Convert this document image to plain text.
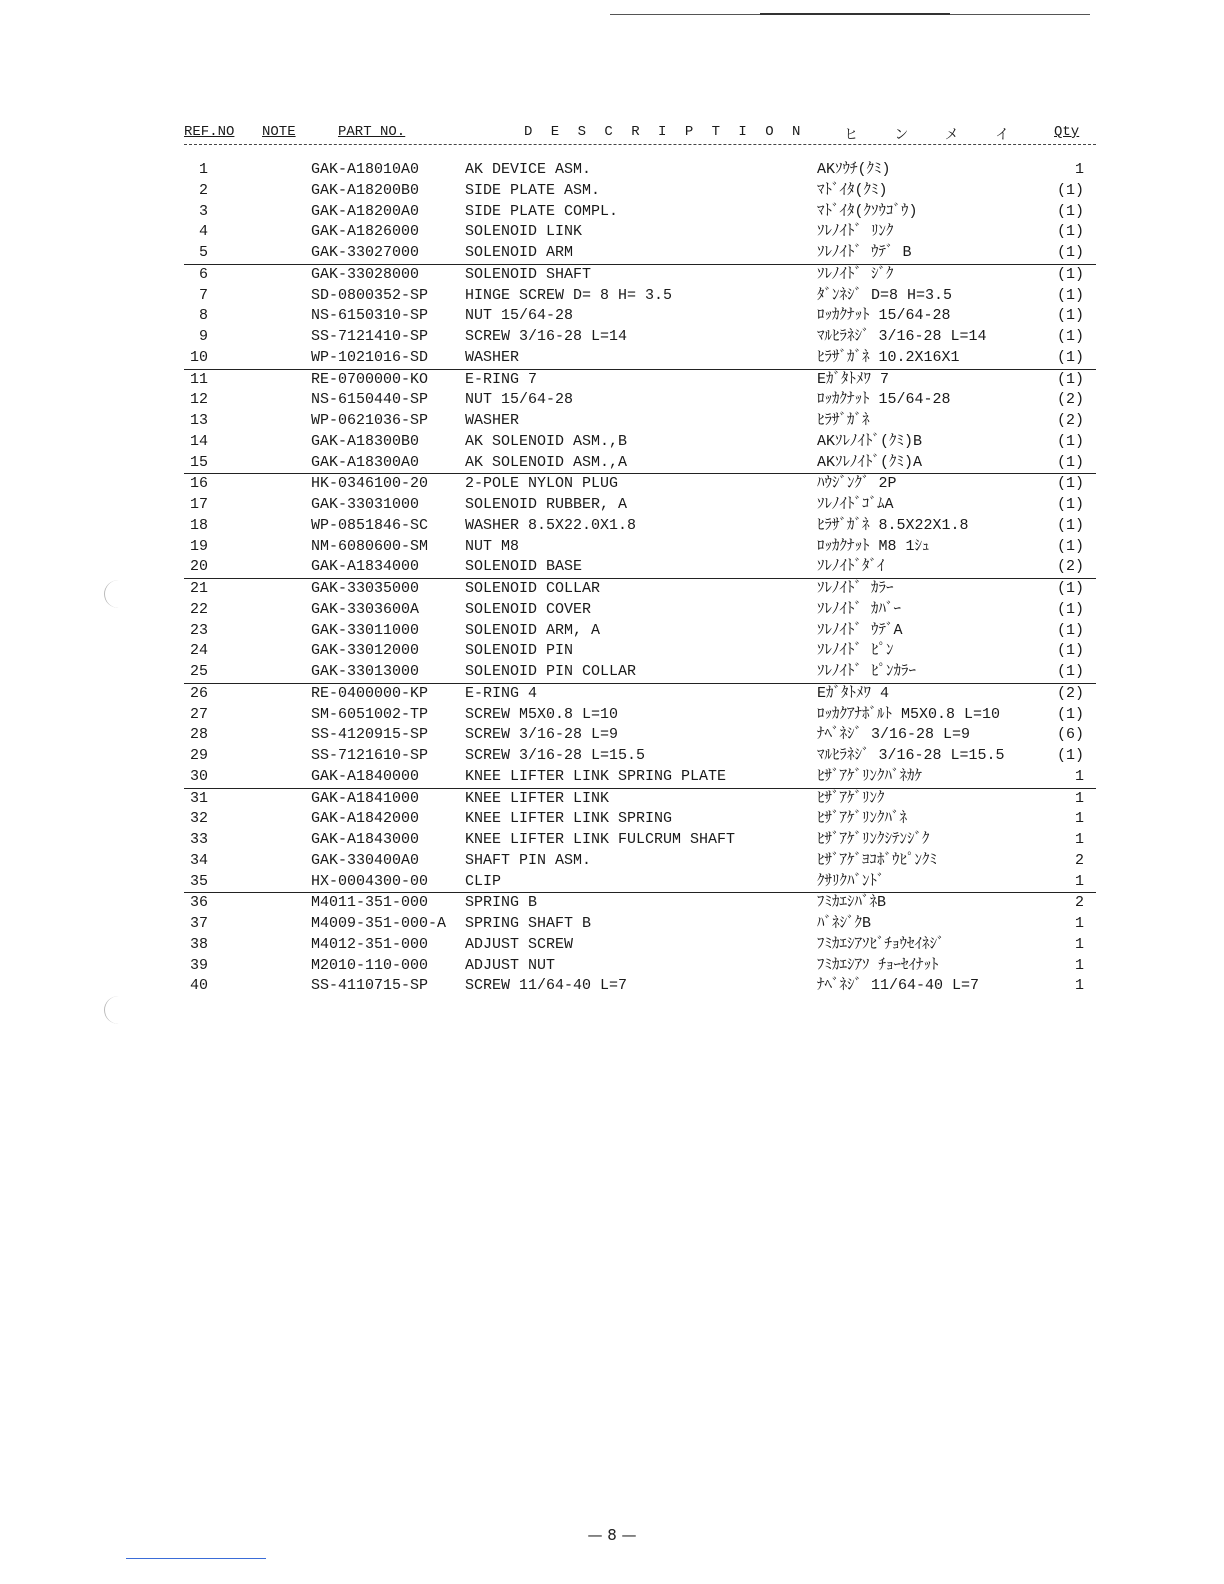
REF.NO NOTE	PART NO.	D E S C R I P T I O N	ヒ ン メ イ Qty
1	GAK-A18010A0	AK DEVICE ASM.	AKｿｳﾁ(ｸﾐ)	1
2	GAK-A18200B0	SIDE PLATE ASM.	ﾏﾄﾞｲﾀ(ｸﾐ)	(1)
3	GAK-A18200A0	SIDE PLATE COMPL.	ﾏﾄﾞｲﾀ(ｸｿｳｺﾞｳ)	(1)
4	GAK-A1826000	SOLENOID LINK	ｿﾚﾉｲﾄﾞ ﾘﾝｸ	(1)
5	GAK-33027000	SOLENOID ARM	ｿﾚﾉｲﾄﾞ ｳﾃﾞ B	(1)
6	GAK-33028000	SOLENOID SHAFT	ｿﾚﾉｲﾄﾞ ｼﾞｸ	(1)
7	SD-0800352-SP HINGE SCREW D= 8 H= 3.5	ﾀﾞﾝﾈｼﾞ D=8 H=3.5	(1)
8	NS-6150310-SP NUT 15/64-28	ﾛｯｶｸﾅｯﾄ 15/64-28	(1)
9	SS-7121410-SP SCREW 3/16-28 L=14	ﾏﾙﾋﾗﾈｼﾞ 3/16-28 L=14	(1)
10	WP-1021016-SD WASHER	ﾋﾗｻﾞｶﾞﾈ 10.2X16X1	(1)
11	RE-0700000-KO E-RING 7	Eｶﾞﾀﾄﾒﾜ 7	(1)
12	NS-6150440-SP NUT 15/64-28	ﾛｯｶｸﾅｯﾄ 15/64-28	(2)
13	WP-0621036-SP WASHER	ﾋﾗｻﾞｶﾞﾈ	(2)
14	GAK-A18300B0	AK SOLENOID ASM.,B	AKｿﾚﾉｲﾄﾞ(ｸﾐ)B	(1)
15	GAK-A18300A0	AK SOLENOID ASM.,A	AKｿﾚﾉｲﾄﾞ(ｸﾐ)A	(1)
16	HK-0346100-20 2-POLE NYLON PLUG	ﾊｳｼﾞﾝｸﾞ 2P	(1)
17	GAK-33031000	SOLENOID RUBBER, A	ｿﾚﾉｲﾄﾞｺﾞﾑA	(1)
18	WP-0851846-SC WASHER 8.5X22.0X1.8	ﾋﾗｻﾞｶﾞﾈ 8.5X22X1.8	(1)
19	NM-6080600-SM NUT M8	ﾛｯｶｸﾅｯﾄ M8 1ｼｭ	(1)
20	GAK-A1834000	SOLENOID BASE	ｿﾚﾉｲﾄﾞﾀﾞｲ	(2)
21	GAK-33035000	SOLENOID COLLAR	ｿﾚﾉｲﾄﾞ ｶﾗｰ	(1)
22	GAK-3303600A	SOLENOID COVER	ｿﾚﾉｲﾄﾞ ｶﾊﾞｰ	(1)
23	GAK-33011000	SOLENOID ARM, A	ｿﾚﾉｲﾄﾞ ｳﾃﾞA	(1)
24	GAK-33012000	SOLENOID PIN	ｿﾚﾉｲﾄﾞ ﾋﾟﾝ	(1)
25	GAK-33013000	SOLENOID PIN COLLAR	ｿﾚﾉｲﾄﾞ ﾋﾟﾝｶﾗｰ	(1)
26	RE-0400000-KP E-RING 4	Eｶﾞﾀﾄﾒﾜ 4	(2)
27	SM-6051002-TP SCREW M5X0.8 L=10	ﾛｯｶｸｱﾅﾎﾞﾙﾄ M5X0.8 L=10	(1)
28	SS-4120915-SP SCREW 3/16-28 L=9	ﾅﾍﾞﾈｼﾞ 3/16-28 L=9	(6)
29	SS-7121610-SP SCREW 3/16-28 L=15.5	ﾏﾙﾋﾗﾈｼﾞ 3/16-28 L=15.5	(1)
30	GAK-A1840000	KNEE LIFTER LINK SPRING PLATE	ﾋｻﾞｱｹﾞﾘﾝｸﾊﾞﾈｶｹ	1
31	GAK-A1841000	KNEE LIFTER LINK	ﾋｻﾞｱｹﾞﾘﾝｸ	1
32	GAK-A1842000	KNEE LIFTER LINK SPRING	ﾋｻﾞｱｹﾞﾘﾝｸﾊﾞﾈ	1
33	GAK-A1843000	KNEE LIFTER LINK FULCRUM SHAFT	ﾋｻﾞｱｹﾞﾘﾝｸｼﾃﾝｼﾞｸ	1
34	GAK-330400A0	SHAFT PIN ASM.	ﾋｻﾞｱｹﾞﾖｺﾎﾞｳﾋﾟﾝｸﾐ	2
35	HX-0004300-00 CLIP	ｸｻﾘｸﾊﾞﾝﾄﾞ	1
36	M4011-351-000 SPRING B	ﾌﾐｶｴｼﾊﾞﾈB	2
37	M4009-351-000-A SPRING SHAFT B	ﾊﾞﾈｼﾞｸB	1
38	M4012-351-000 ADJUST SCREW	ﾌﾐｶｴｼｱｿﾋﾞﾁｮｳｾｲﾈｼﾞ	1
39	M2010-110-000 ADJUST NUT	ﾌﾐｶｴｼｱｿ ﾁｮｰｾｲﾅｯﾄ	1
40	SS-4110715-SP SCREW 11/64-40 L=7	ﾅﾍﾞﾈｼﾞ 11/64-40 L=7	1
— 8 —
